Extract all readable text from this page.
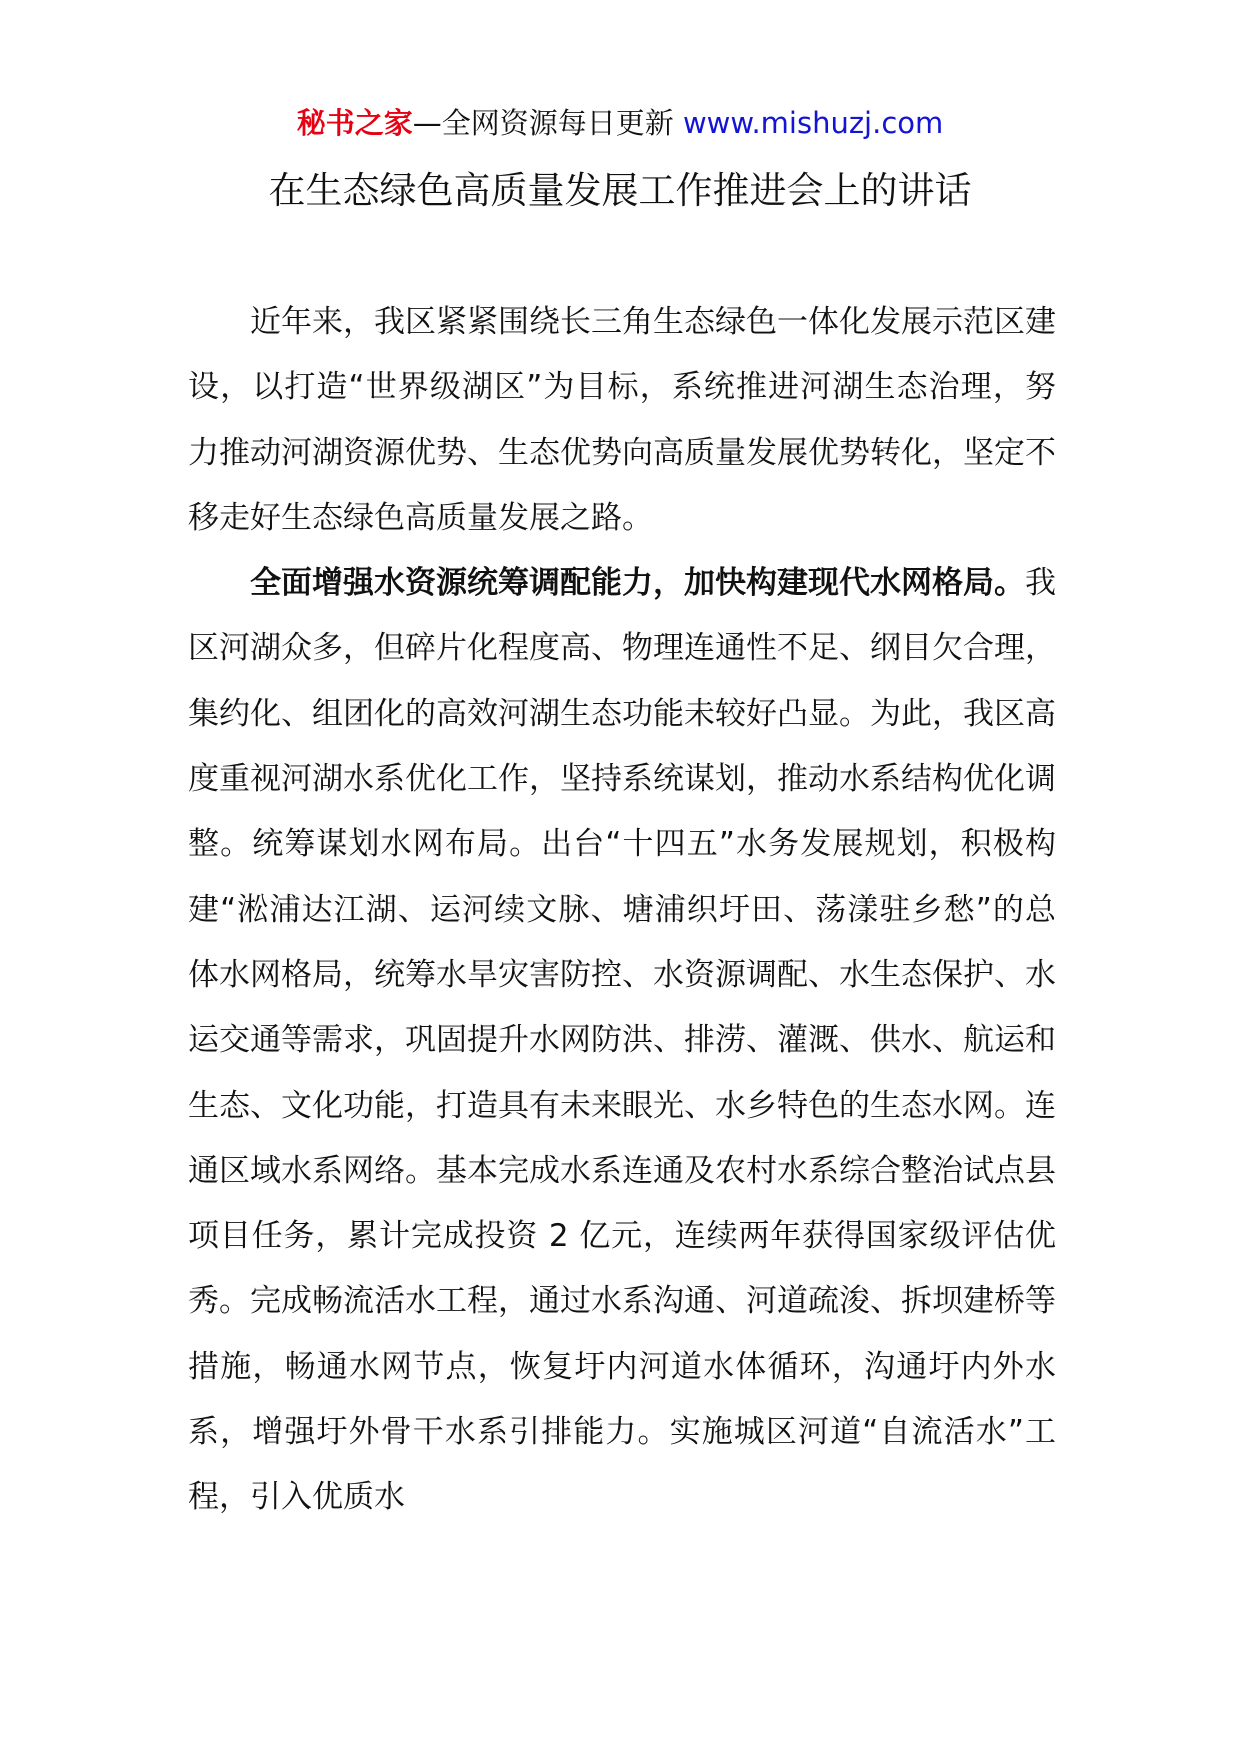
秘书之家—全网资源每日更新 www.mishuzj.com
在生态绿色高质量发展工作推进会上的讲话

近年来，我区紧紧围绕长三角生态绿色一体化发展示范区建设，以打造“世界级湖区”为目标，系统推进河湖生态治理，努力推动河湖资源优势、生态优势向高质量发展优势转化，坚定不移走好生态绿色高质量发展之路。

全面增强水资源统筹调配能力，加快构建现代水网格局。我区河湖众多，但碎片化程度高、物理连通性不足、纲目欠合理，集约化、组团化的高效河湖生态功能未较好凸显。为此，我区高度重视河湖水系优化工作，坚持系统谋划，推动水系结构优化调整。统筹谋划水网布局。出台“十四五”水务发展规划，积极构建“淞浦达江湖、运河续文脉、塘浦织圩田、荡漾驻乡愁”的总体水网格局，统筹水旱灾害防控、水资源调配、水生态保护、水运交通等需求，巩固提升水网防洪、排涝、灌溉、供水、航运和生态、文化功能，打造具有未来眼光、水乡特色的生态水网。连通区域水系网络。基本完成水系连通及农村水系综合整治试点县项目任务，累计完成投资 2 亿元，连续两年获得国家级评估优秀。完成畅流活水工程，通过水系沟通、河道疏浚、拆坝建桥等措施，畅通水网节点，恢复圩内河道水体循环，沟通圩内外水系，增强圩外骨干水系引排能力。实施城区河道“自流活水”工程，引入优质水
